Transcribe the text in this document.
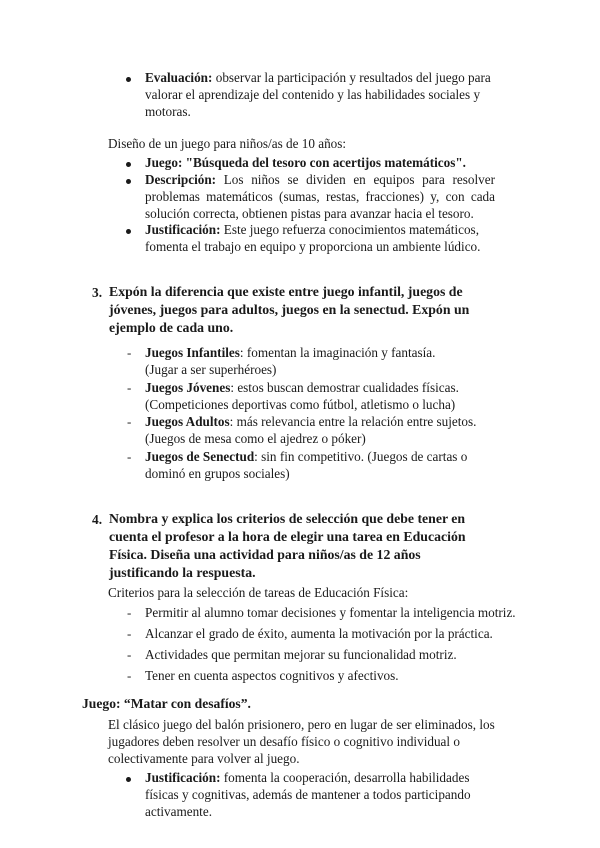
Evaluación: observar la participación y resultados del juego para valorar el aprendizaje del contenido y las habilidades sociales y motoras.
Diseño de un juego para niños/as de 10 años:
Juego: "Búsqueda del tesoro con acertijos matemáticos".
Descripción: Los niños se dividen en equipos para resolver problemas matemáticos (sumas, restas, fracciones) y, con cada solución correcta, obtienen pistas para avanzar hacia el tesoro.
Justificación: Este juego refuerza conocimientos matemáticos, fomenta el trabajo en equipo y proporciona un ambiente lúdico.
3. Expón la diferencia que existe entre juego infantil, juegos de jóvenes, juegos para adultos, juegos en la senectud. Expón un ejemplo de cada uno.
- Juegos Infantiles: fomentan la imaginación y fantasía. (Jugar a ser superhéroes)
- Juegos Jóvenes: estos buscan demostrar cualidades físicas. (Competiciones deportivas como fútbol, atletismo o lucha)
- Juegos Adultos: más relevancia entre la relación entre sujetos. (Juegos de mesa como el ajedrez o póker)
- Juegos de Senectud: sin fin competitivo. (Juegos de cartas o dominó en grupos sociales)
4. Nombra y explica los criterios de selección que debe tener en cuenta el profesor a la hora de elegir una tarea en Educación Física. Diseña una actividad para niños/as de 12 años justificando la respuesta.
Criterios para la selección de tareas de Educación Física:
- Permitir al alumno tomar decisiones y fomentar la inteligencia motriz.
- Alcanzar el grado de éxito, aumenta la motivación por la práctica.
- Actividades que permitan mejorar su funcionalidad motriz.
- Tener en cuenta aspectos cognitivos y afectivos.
Juego: “Matar con desafíos”.
El clásico juego del balón prisionero, pero en lugar de ser eliminados, los jugadores deben resolver un desafío físico o cognitivo individual o colectivamente para volver al juego.
Justificación: fomenta la cooperación, desarrolla habilidades físicas y cognitivas, además de mantener a todos participando activamente.
